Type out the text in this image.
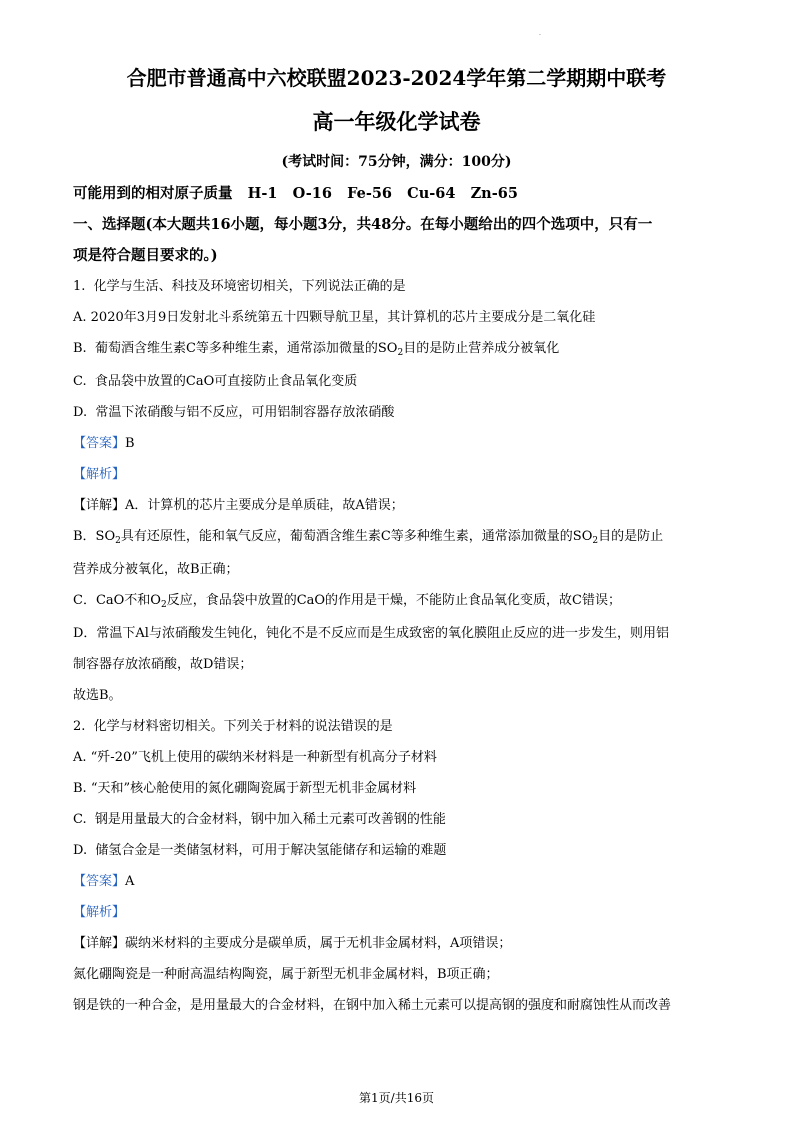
.
合肥市普通高中六校联盟2023-2024学年第二学期期中联考
高一年级化学试卷
(考试时间：75分钟，满分：100分)

可能用到的相对原子质量   H-1   O-16   Fe-56   Cu-64   Zn-65

一、选择题(本大题共16小题，每小题3分，共48分。在每小题给出的四个选项中，只有一

项是符合题目要求的。)

1.  化学与生活、科技及环境密切相关，下列说法正确的是

A. 2020年3月9日发射北斗系统第五十四颗导航卫星，其计算机的芯片主要成分是二氧化硅

B.  葡萄酒含维生素C等多种维生素，通常添加微量的$SO_2$目的是防止营养成分被氧化

C.  食品袋中放置的CaO可直接防止食品氧化变质

D.  常温下浓硝酸与铝不反应，可用铝制容器存放浓硝酸

【答案】B

【解析】

【详解】A．计算机的芯片主要成分是单质硅，故A错误；

B．$SO_2$具有还原性，能和氧气反应，葡萄酒含维生素C等多种维生素，通常添加微量的$SO_2$目的是防止

营养成分被氧化，故B正确；

C．CaO不和$O_2$反应，食品袋中放置的CaO的作用是干燥，不能防止食品氧化变质，故C错误；

D．常温下Al与浓硝酸发生钝化，钝化不是不反应而是生成致密的氧化膜阻止反应的进一步发生，则用铝

制容器存放浓硝酸，故D错误；

故选B。

2.  化学与材料密切相关。下列关于材料的说法错误的是

A. “歼-20”飞机上使用的碳纳米材料是一种新型有机高分子材料

B. “天和”核心舱使用的氮化硼陶瓷属于新型无机非金属材料

C.  钢是用量最大的合金材料，钢中加入稀土元素可改善钢的性能

D.  储氢合金是一类储氢材料，可用于解决氢能储存和运输的难题

【答案】A

【解析】

【详解】碳纳米材料的主要成分是碳单质，属于无机非金属材料，A项错误；

氮化硼陶瓷是一种耐高温结构陶瓷，属于新型无机非金属材料，B项正确；

钢是铁的一种合金，是用量最大的合金材料，在钢中加入稀土元素可以提高钢的强度和耐腐蚀性从而改善

第1页/共16页
